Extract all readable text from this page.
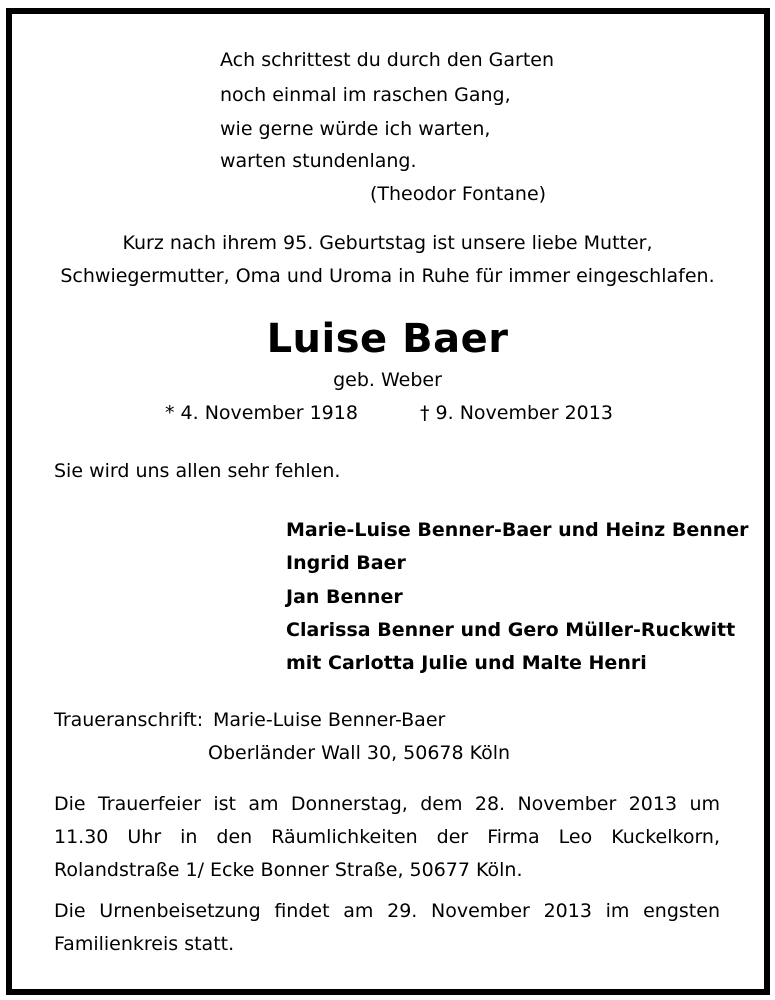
Ach schrittest du durch den Garten
noch einmal im raschen Gang,
wie gerne würde ich warten,
warten stundenlang.
(Theodor Fontane)
Kurz nach ihrem 95. Geburtstag ist unsere liebe Mutter,
Schwiegermutter, Oma und Uroma in Ruhe für immer eingeschlafen.
Luise Baer
geb. Weber
* 4. November 1918	† 9. November 2013
Sie wird uns allen sehr fehlen.
Marie-Luise Benner-Baer und Heinz Benner
Ingrid Baer
Jan Benner
Clarissa Benner und Gero Müller-Ruckwitt
mit Carlotta Julie und Malte Henri
Traueranschrift: Marie-Luise Benner-Baer
Oberländer Wall 30, 50678 Köln
Die Trauerfeier ist am Donnerstag, dem 28. November 2013 um 11.30 Uhr in den Räumlichkeiten der Firma Leo Kuckelkorn, Rolandstraße 1/ Ecke Bonner Straße, 50677 Köln.
Die Urnenbeisetzung findet am 29. November 2013 im engsten Familienkreis statt.
